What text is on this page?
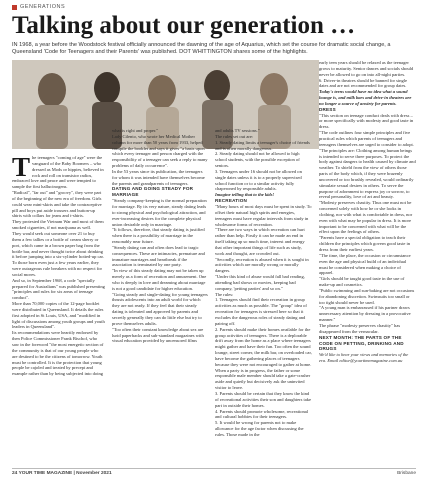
GENERATIONS
Talking about our generation …

IN 1968, a year before the Woodstock festival officially announced the dawning of the age of Aquarius, which set the course for dramatic social change, a Queensland 'Code for Teenagers and their Parents' was published. DOT WHITTINGTON shares some of the highlights.

The teenagers "coming of age" were the vanguard of the Baby Boomers – who dressed as Mods or hippies, believed in rock and roll on transistor radios, embraced love and peace and were tempted to sample the first hallucinogens.

"Radical", "far out" and "groovy", they were part of the beginning of the new era of freedom. Girls could wear mini-skirts and take the contraceptive pill and boys put aside trousers and button-up shirts with collars for jeans and t-shirts.

They protested the Vietnam War and most of them smoked cigarettes, if not marijuana as well.

They would seek out someone over 21 to buy them a few tallies or a bottle of cream sherry or port, which came in a brown paper bag from the bottle bar, and never thought twice about drinking it before jumping into a six-cylinder hotted-up car.

To those born even just a few years earlier, they were outrageous rule breakers with no respect for social mores.

And so, in September 1968, a code "specially prepared for Australians" was published presenting "principles and rules for six areas of teenage conduct".

More than 70,000 copies of the 12-page booklet were distributed in Queensland. It details the rules first adopted in St Louis, USA, and "modified in light of discussions among youth groups and youth leaders in Queensland".

Its recommendations were heartily endorsed by then Police Commissioner Frank Bischof, who saw in the foreword "the most energetic section of the community is that of our young people who are destined to be the citizens of tomorrow. Youth must be controlled. It is the protection that young people be cajoled and treated by precept and example rather than by being subjected into doing

what is right and proper."

Lady Cilento, who wrote her Medical Mother column for more than 50 years from 1933, helped compile the booklet and says it gives "a basis upon which every teenager and person charged with the responsibility of a teenager can seek a reply to many problems of daily occurrence".

In the 53 years since its publication, the teenagers for whom it was intended have themselves become the parents and grandparents of teenagers.

DATING AND GOING STEADY FOR MARRIAGE

"Steady company-keeping is the normal preparation for marriage. By its very nature, steady dating leads to strong physical and psychological attraction, and ever-increasing desires for the complete physical union desirable only in marriage.

"It follows, therefore, that steady dating is justified when there is a possibility of marriage in the reasonably near future.

"Steady dating can and often does lead to tragic consequences. These are intimacies, premature and immature marriages and heartbreak if the association is terminated by one party.

"In view of this steady dating may not be taken up merely as a form of recreation and amusement. One who is deeply in love and dreaming about marriage is not a good candidate for higher education.

"Going steady and single-dating for young teenagers thrusts adolescents into an adult world for which they are not ready. If they feel that their steady dating is tolerated and approved by parents and secretly generally they can do little else but try to prove themselves adults.

"Too often their constant knowledge about sex are lurid paperbacks and sub-standard magazines with visual education provided by uncensored films

and adults TV sessions."

The rules set out are:

1. Steady dating limits a teenager's choice of friends and is often morally dangerous.

2. Steady dating should not be allowed to high school students, with the possible exception of seniors.

3. Teenagers under 16 should not be allowed on single dates unless it is to a properly supervised school function or to a similar activity fully chaperoned by responsible adults.

Imagine telling that to the kids!

RECREATION

"Many hours of most days must be spent in study. To offset their natural high spirits and energies, teenagers must have regular intervals from study in wholesome forms of recreation.

"There are two ways in which recreation can hurt rather than help. Firstly it can be made an end in itself taking up so much time, interest and energy that other important things of life such as study, work and thought, are crowded out.

"Secondly, recreation is abused when it is sought in activities which are morally wrong or morally dangers.

"Under this kind of abuse would fall bad reading, attending bad shows or movies, keeping bad company, 'petting parties' and so on."

The rules:

1. Teenagers should find their recreation in group activities as much as possible. The "group" idea of recreation for teenagers is stressed here so that it excludes the dangerous roles of steady dating and pairing off.

2. Parents should make their homes available for the group activities of teenagers. There is a deplorable drift away from the home as a place where teenagers might gather and have their fun. Too often the sound lounge, street corner, the milk bar, on overloaded car, have become the gathering places of teenagers because they were not encouraged to gather at home. When a party is in progress, the father or some responsible male member should take a gate-crasher aside and quietly but decisively ask the uninvited visitor to leave.

3. Parents should be certain that they know the kind of recreational activities their son and daughters take part in outside their homes.

4. Parents should promote wholesome, recreational and cultural hobbies for their teenagers.

5. It would be wrong for parents not to make allowance for the age factor when discussing the rules. Those made in the

early teen years should be relaxed as the teenager grows to maturity. Senior dances and socials should never be allowed to go on into all-night parties.

6. Driver-in theatres should be banned for single dates and are not recommended for group dates.

Today's teens would have no idea what a sound lounge is, and milk bars and drive-in theatres are no longer a source of anxiety for parents.

DRESS

"This section on teenage conduct deals with dress – or more specifically with modesty and good taste in dress.

"The code outlines four simple principles and five practical rules which parents of teenagers and teenagers themselves are urged to consider to adopt.

"The principles are: Clothing among human beings is intended to serve three purposes. To protect the body against dangers to health caused by climate and weather. To shield from the view of others those parts of the body which, if they were brazenly uncovered or too brashly revealed, would ordinarily stimulate sexual desires in others. To serve the purpose of adornment to express joy or sorrow, to reveal personality, love of art and beauty.

"Modesty preserves chastity. Thus one must not be concerned solely with how he or she looks in clothing, nor with what is comfortable in dress, nor even with what may be popular in dress. It is more important to be concerned with what will be the effect upon the feelings of others.

"Parents have a special obligation to teach their children the principles which govern good taste in dress from their earliest years.

"The time, the place, the occasion or circumstance even the age and physical build of an individual must be considered when making a choice of apparel.

"Girls should be taught good taste in the use of make-up and cosmetics.

"Public swimming and sun-baking are not occasions for abandoning discretion. Swimsuits too small or too tight should never be used.

"A young man is embarrassed if his partner draws unnecessary attention by dressing in a provocative manner."

The phrase "modesty preserves chastity" has disappeared from the vernacular.

NEXT MONTH: THE PARTS OF THE CODE ON PETTING, DRINKING AND DRUGS

We'd like to hear your views and memories of the era. Email editor@yourtimemagazine.com.au

24 YOUR TIME MAGAZINE | November 2021	Brisbane
